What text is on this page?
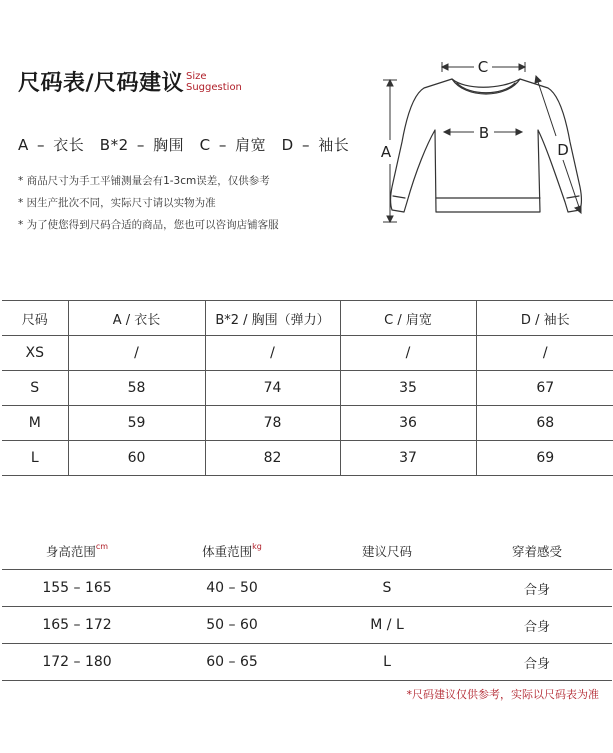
尺码表/尺码建议 Size
Suggestion
A – 衣长　B*2 – 胸围　C – 肩宽　D – 袖长
* 商品尺寸为手工平铺测量会有1-3cm误差，仅供参考
* 因生产批次不同，实际尺寸请以实物为准
* 为了使您得到尺码合适的商品，您也可以咨询店铺客服
C
B
A	D
尺码	A / 衣长	B*2 / 胸围（弹力）	C / 肩宽	D / 袖长
XS	/	/	/	/
S	58	74	35	67
M	59	78	36	68
L	60	82	37	69
身高范围$^{cm}$	体重范围$^{kg}$	建议尺码	穿着感受
155 – 165	40 – 50	S	合身
165 – 172	50 – 60	M / L	合身
172 – 180	60 – 65	L	合身
*尺码建议仅供参考，实际以尺码表为准
